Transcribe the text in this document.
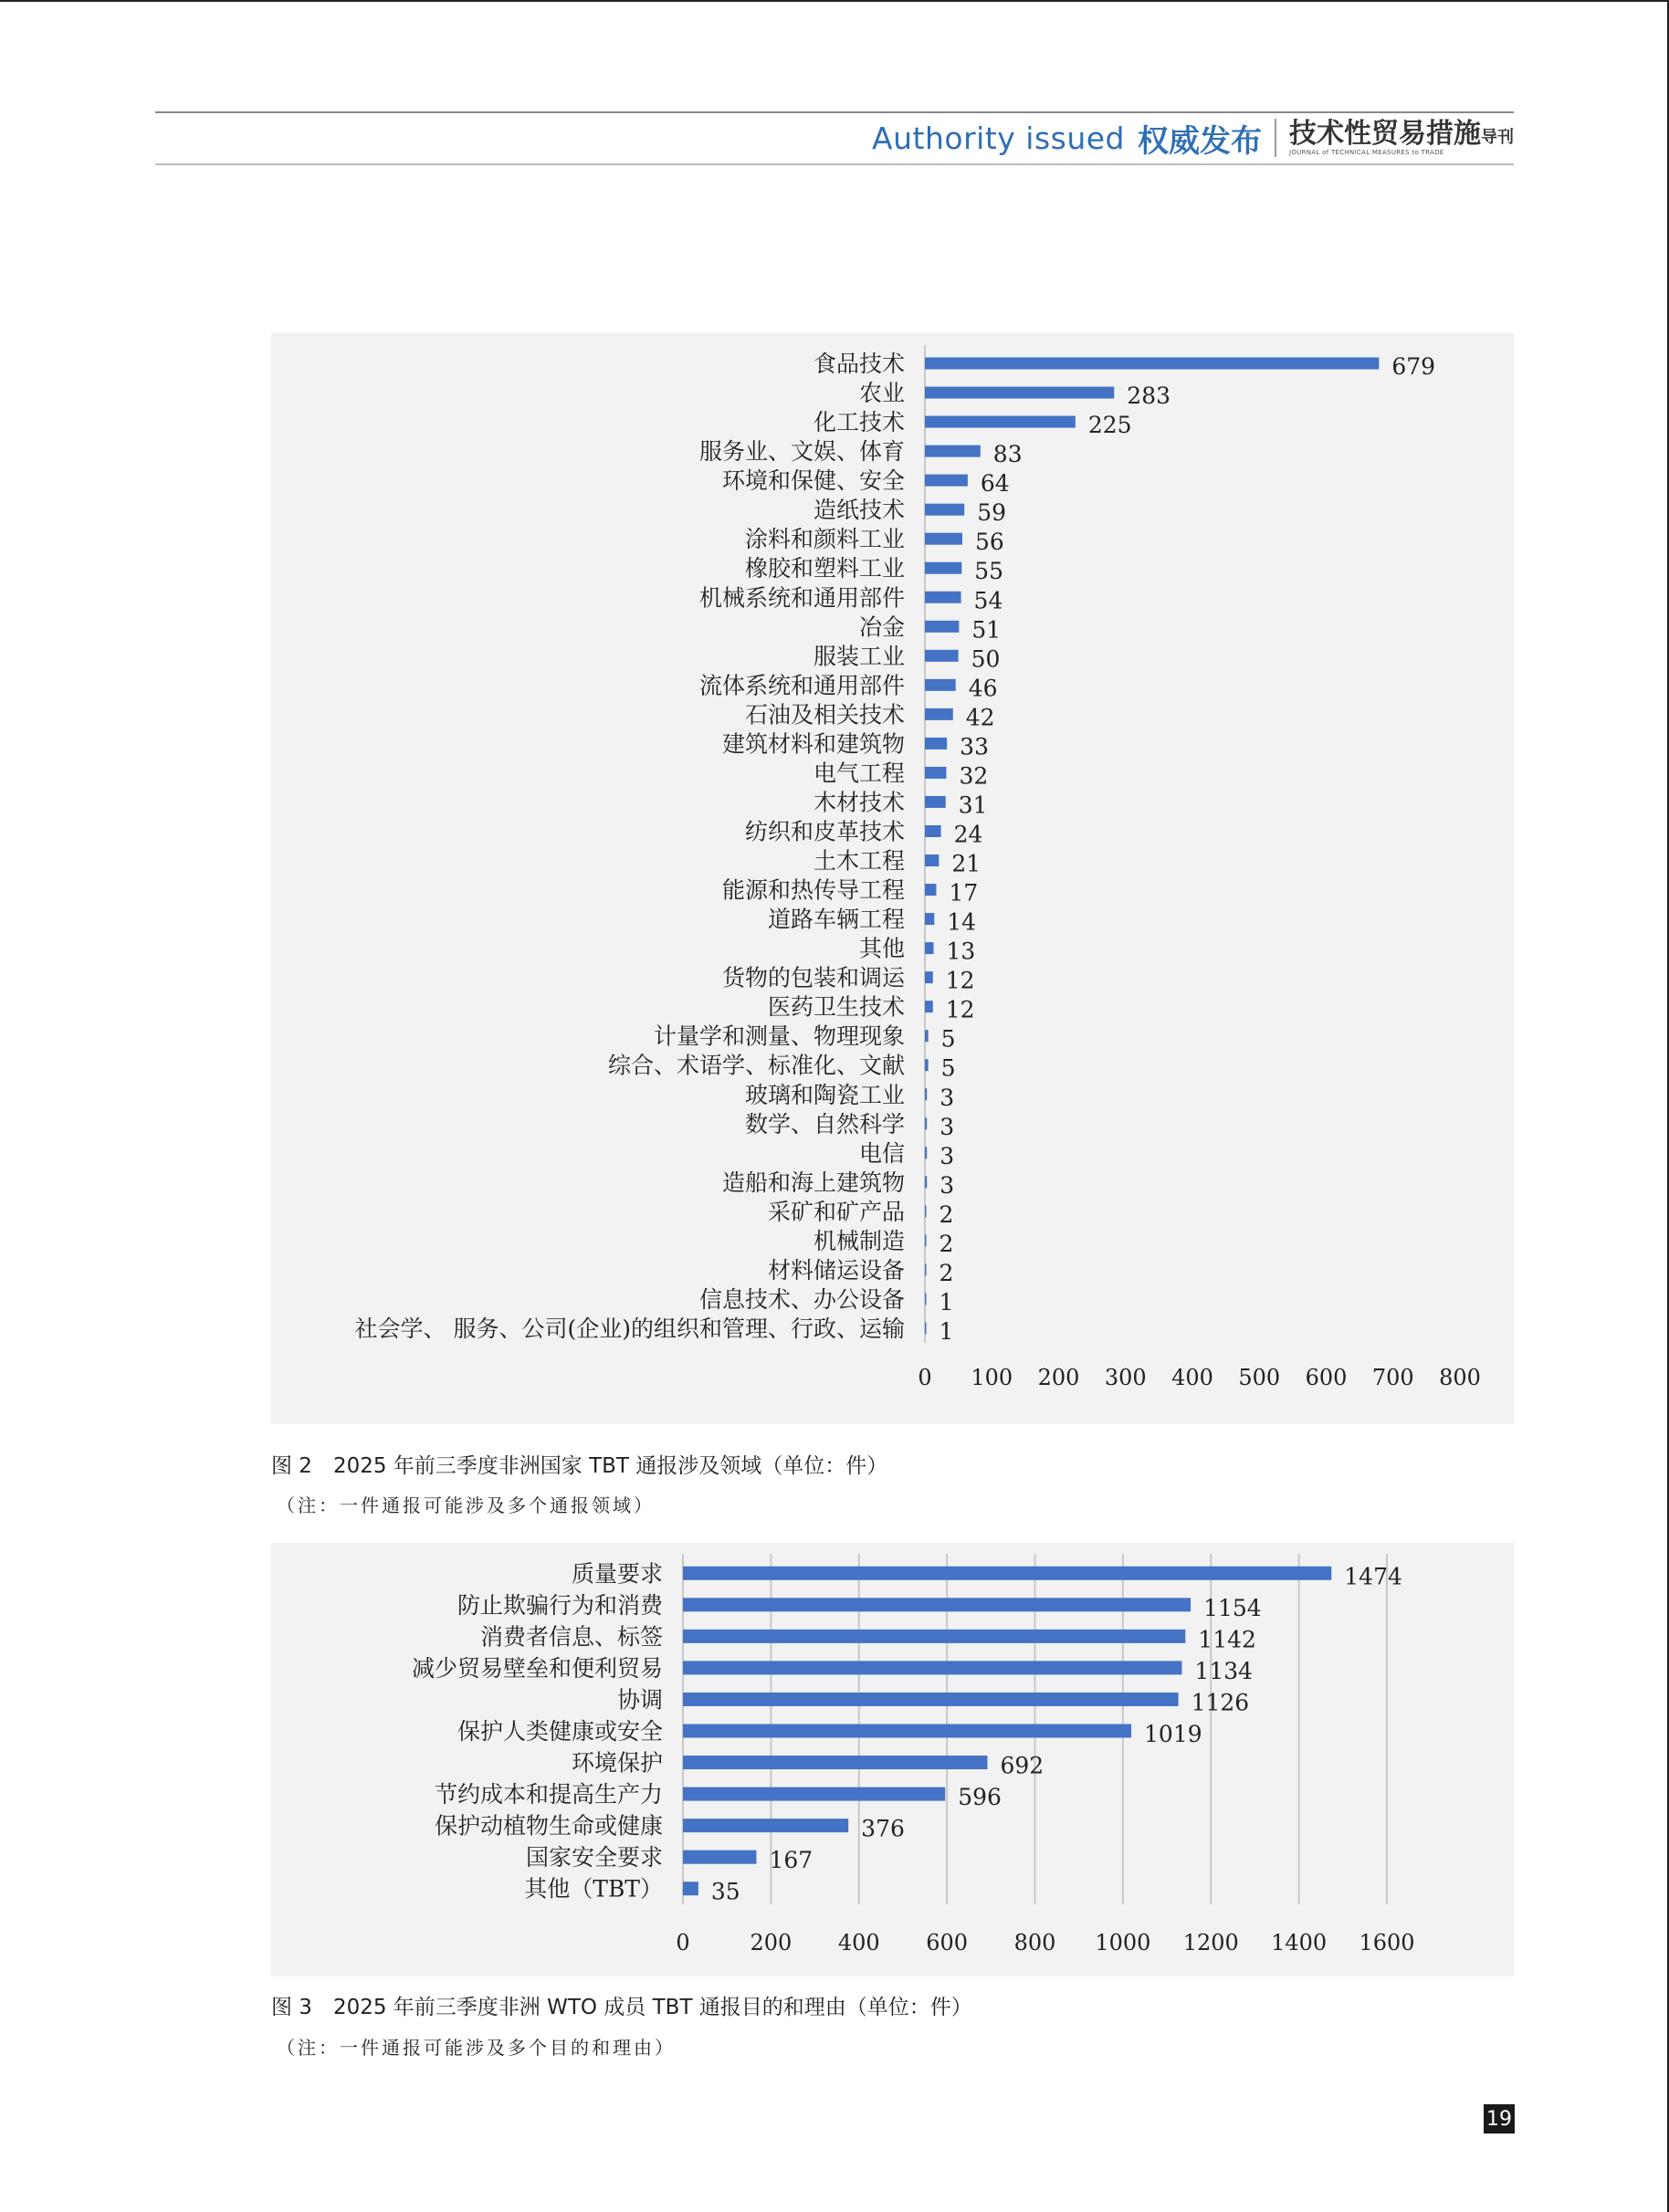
Authority issued 权威发布 技术性贸易措施导刊
JOURNAL of TECHNICAL MEASURES to TRADE
食品技术	679
农业	283
化工技术	225
服务业、文娱、体育	83
环境和保健、安全	64
造纸技术	59
涂料和颜料工业	56
橡胶和塑料工业	55
机械系统和通用部件	54
冶金	51
服装工业	50
流体系统和通用部件	46
石油及相关技术	42
建筑材料和建筑物 33
电气工程 32
木材技术 31
纺织和皮革技术 24
土木工程 21
能源和热传导工程 17
道路车辆工程 14
其他 13
货物的包装和调运 12
医药卫生技术 12
计量学和测量、物理现象 5
综合、术语学、标准化、文献 5
玻璃和陶瓷工业 3
数学、自然科学 3
电信 3
造船和海上建筑物 3
采矿和矿产品 2
机械制造 2
材料储运设备 2
信息技术、办公设备 1
社会学、 服务、公司(企业)的组织和管理、行政、运输 1
0 100 200 300 400 500 600 700 800
图 2　2025 年前三季度非洲国家 TBT 通报涉及领域（单位：件）
（注：一件通报可能涉及多个通报领域）
质量要求	1474
防止欺骗行为和消费	1154
消费者信息、标签	1142
减少贸易壁垒和便利贸易	1134
协调	1126
保护人类健康或安全	1019
环境保护	692
节约成本和提高生产力	596
保护动植物生命或健康	376
国家安全要求	167
其他（TBT） 35
0	200 400 600 800 1000 1200 1400 1600
图 3　2025 年前三季度非洲 WTO 成员 TBT 通报目的和理由（单位：件）
（注：一件通报可能涉及多个目的和理由）
19
